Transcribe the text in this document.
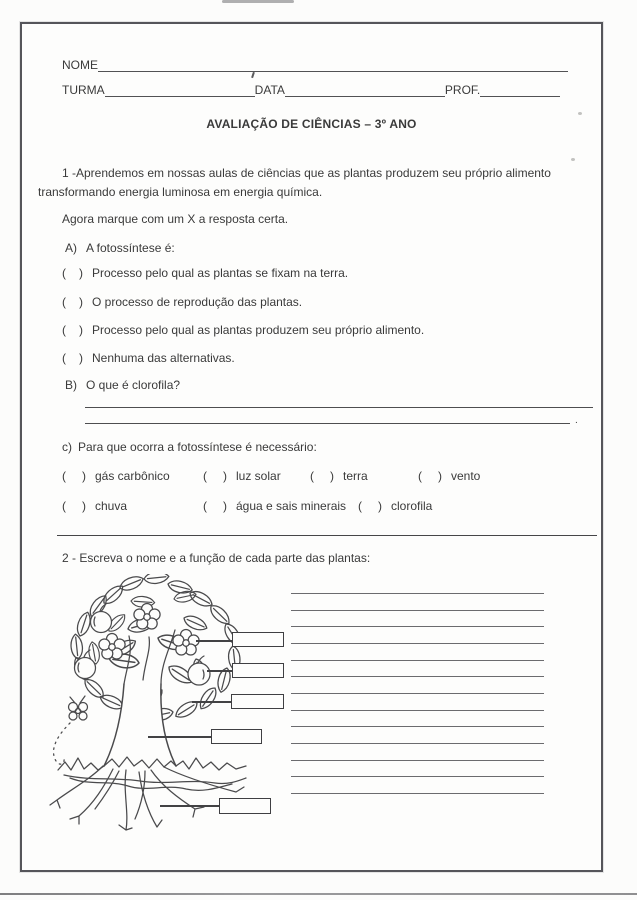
NOME
TURMA	DATA	PROF.
AVALIAÇÃO DE CIÊNCIAS – 3º ANO
1 -Aprendemos em nossas aulas de ciências que as plantas produzem seu próprio alimento transformando energia luminosa em energia química.
Agora marque com um X a resposta certa.
A) A fotossíntese é:
( ) Processo pelo qual as plantas se fixam na terra.
( ) O processo de reprodução das plantas.
( ) Processo pelo qual as plantas produzem seu próprio alimento.
( ) Nenhuma das alternativas.
B) O que é clorofila?
.
c) Para que ocorra a fotossíntese é necessário:
( ) gás carbônico	( ) luz solar ( ) terra	( ) vento
( ) chuva	( ) água e sais minerais ( ) clorofila
2 - Escreva o nome e a função de cada parte das plantas:
